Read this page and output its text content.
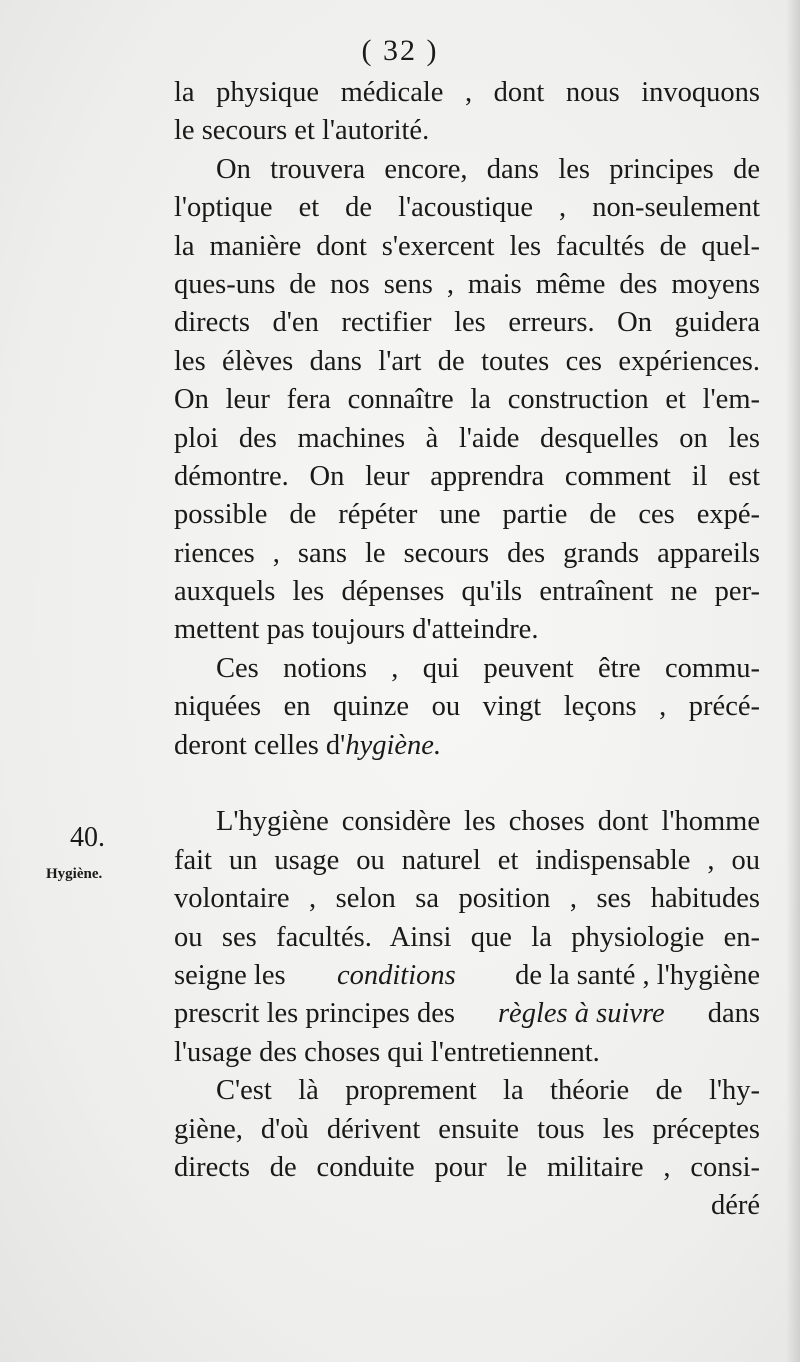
( 32 )
40.
Hygiène.
la physique médicale , dont nous invoquons
le secours et l'autorité.
On trouvera encore, dans les principes de
l'optique et de l'acoustique , non-seulement
la manière dont s'exercent les facultés de quel-
ques-uns de nos sens , mais même des moyens
directs d'en rectifier les erreurs. On guidera
les élèves dans l'art de toutes ces expériences.
On leur fera connaître la construction et l'em-
ploi des machines à l'aide desquelles on les
démontre. On leur apprendra comment il est
possible de répéter une partie de ces expé-
riences , sans le secours des grands appareils
auxquels les dépenses qu'ils entraînent ne per-
mettent pas toujours d'atteindre.
Ces notions , qui peuvent être commu-
niquées en quinze ou vingt leçons , précé-
deront celles d'hygiène.
L'hygiène considère les choses dont l'homme
fait un usage ou naturel et indispensable , ou
volontaire , selon sa position , ses habitudes
ou ses facultés. Ainsi que la physiologie en-
seigne les conditions de la santé , l'hygiène
prescrit les principes des règles à suivre dans
l'usage des choses qui l'entretiennent.
C'est là proprement la théorie de l'hy-
giène, d'où dérivent ensuite tous les préceptes
directs de conduite pour le militaire , consi-
déré
